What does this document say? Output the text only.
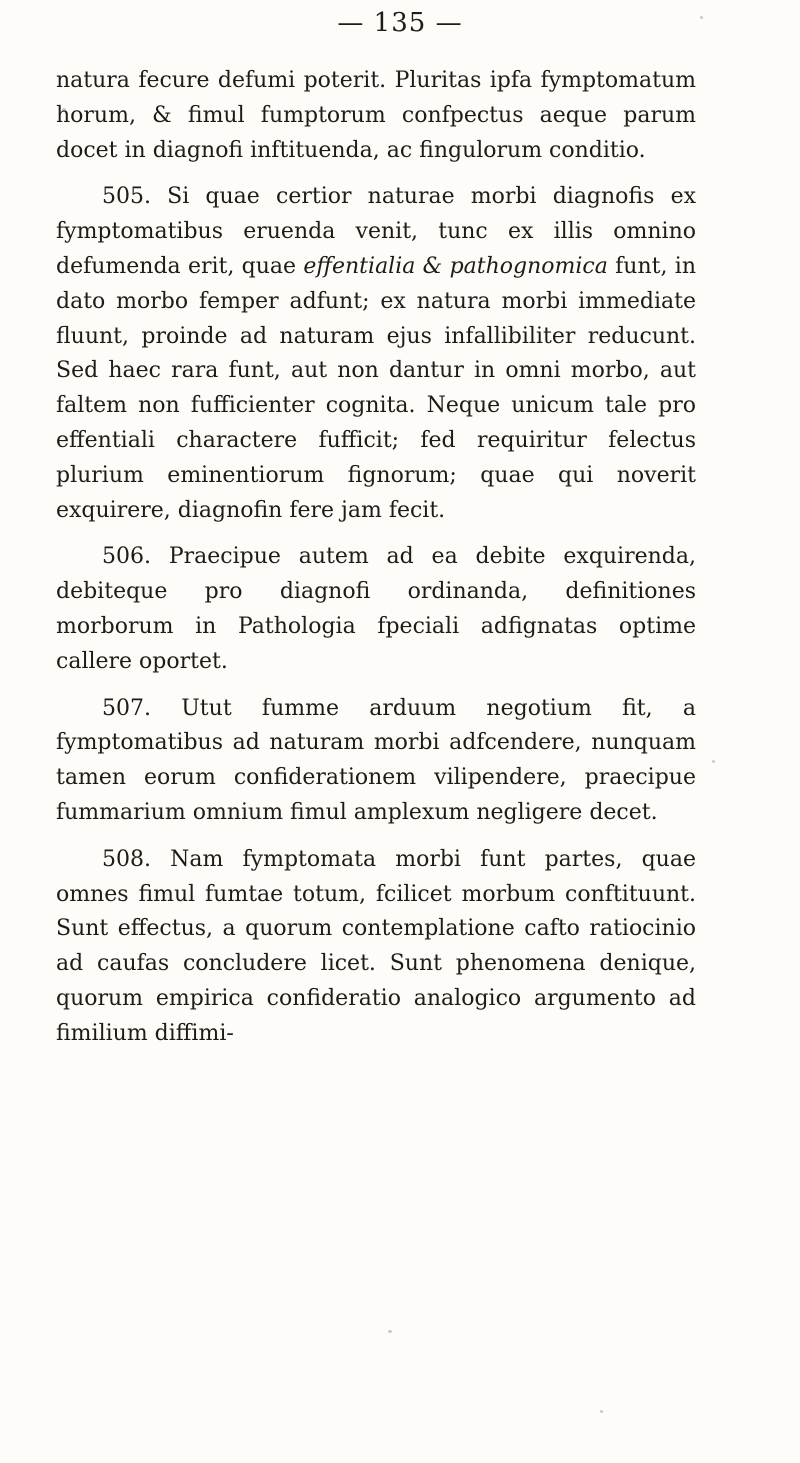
— 135 —

natura fecure defumi poterit. Pluritas ipfa fymptomatum horum, & fimul fumptorum confpectus aeque parum docet in diagnofi inftituenda, ac fingulorum conditio.

505. Si quae certior naturae morbi diagnofis ex fymptomatibus eruenda venit, tunc ex illis omnino defumenda erit, quae effentialia & pathognomica funt, in dato morbo femper adfunt; ex natura morbi immediate fluunt, proinde ad naturam ejus infallibiliter reducunt. Sed haec rara funt, aut non dantur in omni morbo, aut faltem non fufficienter cognita. Neque unicum tale pro effentiali charactere fufficit; fed requiritur felectus plurium eminentiorum fignorum; quae qui noverit exquirere, diagnofin fere jam fecit.

506. Praecipue autem ad ea debite exquirenda, debiteque pro diagnofi ordinanda, definitiones morborum in Pathologia fpeciali adfignatas optime callere oportet.

507. Utut fumme arduum negotium fit, a fymptomatibus ad naturam morbi adfcendere, nunquam tamen eorum confiderationem vilipendere, praecipue fummarium omnium fimul amplexum negligere decet.

508. Nam fymptomata morbi funt partes, quae omnes fimul fumtae totum, fcilicet morbum conftituunt. Sunt effectus, a quorum contemplatione cafto ratiocinio ad caufas concludere licet. Sunt phenomena denique, quorum empirica confideratio analogico argumento ad fimilium diffimi-
